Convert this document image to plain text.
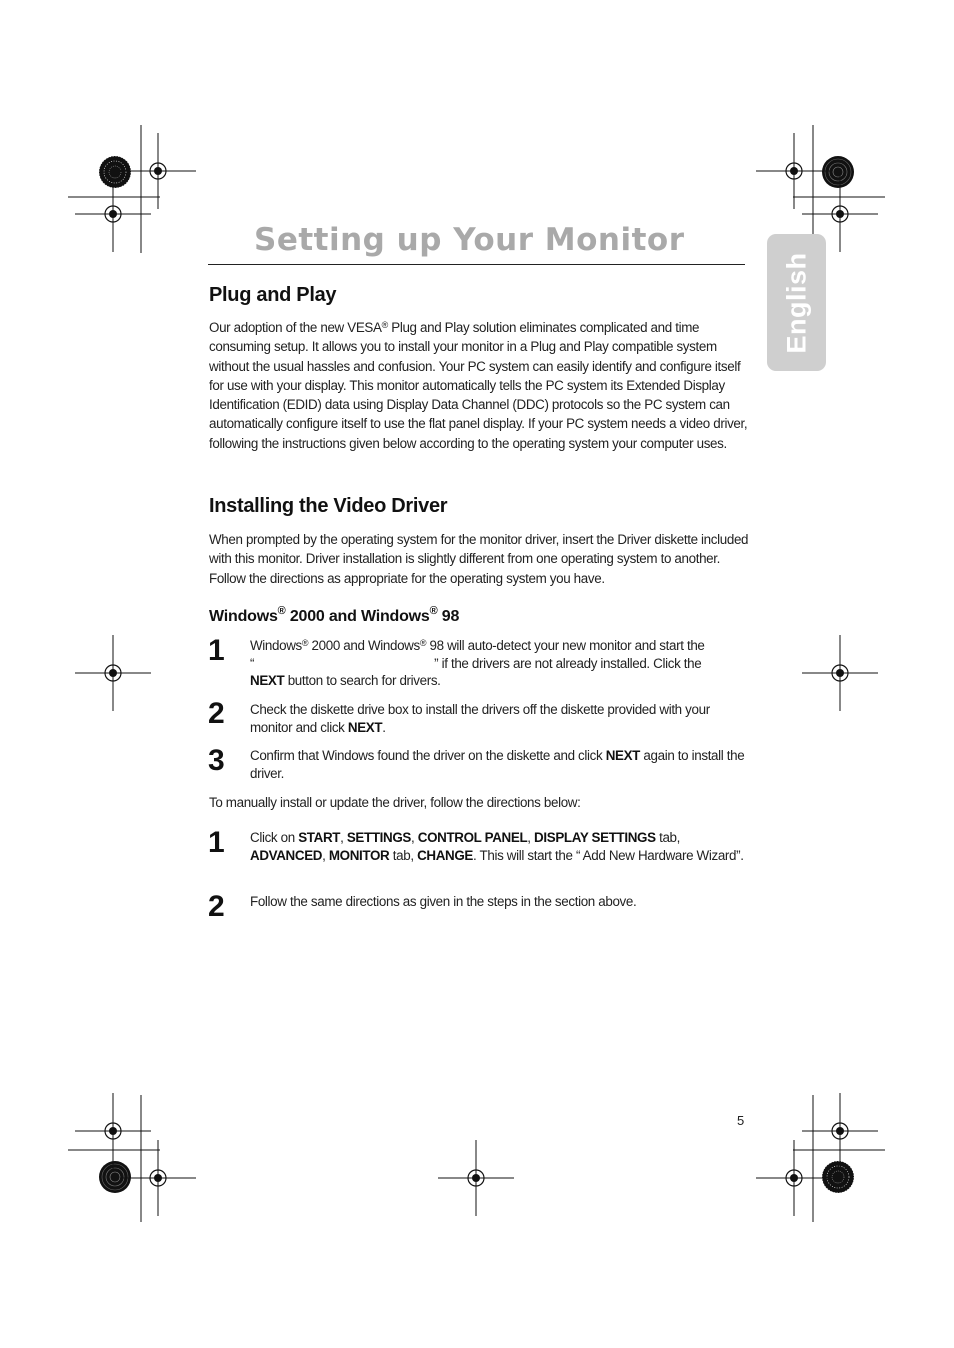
Setting up Your Monitor
English
Plug and Play

Our adoption of the new VESA® Plug and Play solution eliminates complicated and time consuming setup. It allows you to install your monitor in a Plug and Play compatible system without the usual hassles and confusion. Your PC system can easily identify and configure itself for use with your display. This monitor automatically tells the PC system its Extended Display Identification (EDID) data using Display Data Channel (DDC) protocols so the PC system can automatically configure itself to use the flat panel display. If your PC system needs a video driver, following the instructions given below according to the operating system your computer uses.

Installing the Video Driver

When prompted by the operating system for the monitor driver, insert the Driver diskette included with this monitor. Driver installation is slightly different from one operating system to another. Follow the directions as appropriate for the operating system you have.

Windows® 2000 and Windows® 98
1 Windows® 2000 and Windows® 98 will auto-detect your new monitor and start the
“	” if the drivers are not already installed. Click the
NEXT button to search for drivers.

2 Check the diskette drive box to install the drivers off the diskette provided with your monitor and click NEXT.

3 Confirm that Windows found the driver on the diskette and click NEXT again to install the driver.

To manually install or update the driver, follow the directions below:

1 Click on START, SETTINGS, CONTROL PANEL, DISPLAY SETTINGS tab,
ADVANCED, MONITOR tab, CHANGE. This will start the “ Add New Hardware Wizard”.

2 Follow the same directions as given in the steps in the section above.

5
